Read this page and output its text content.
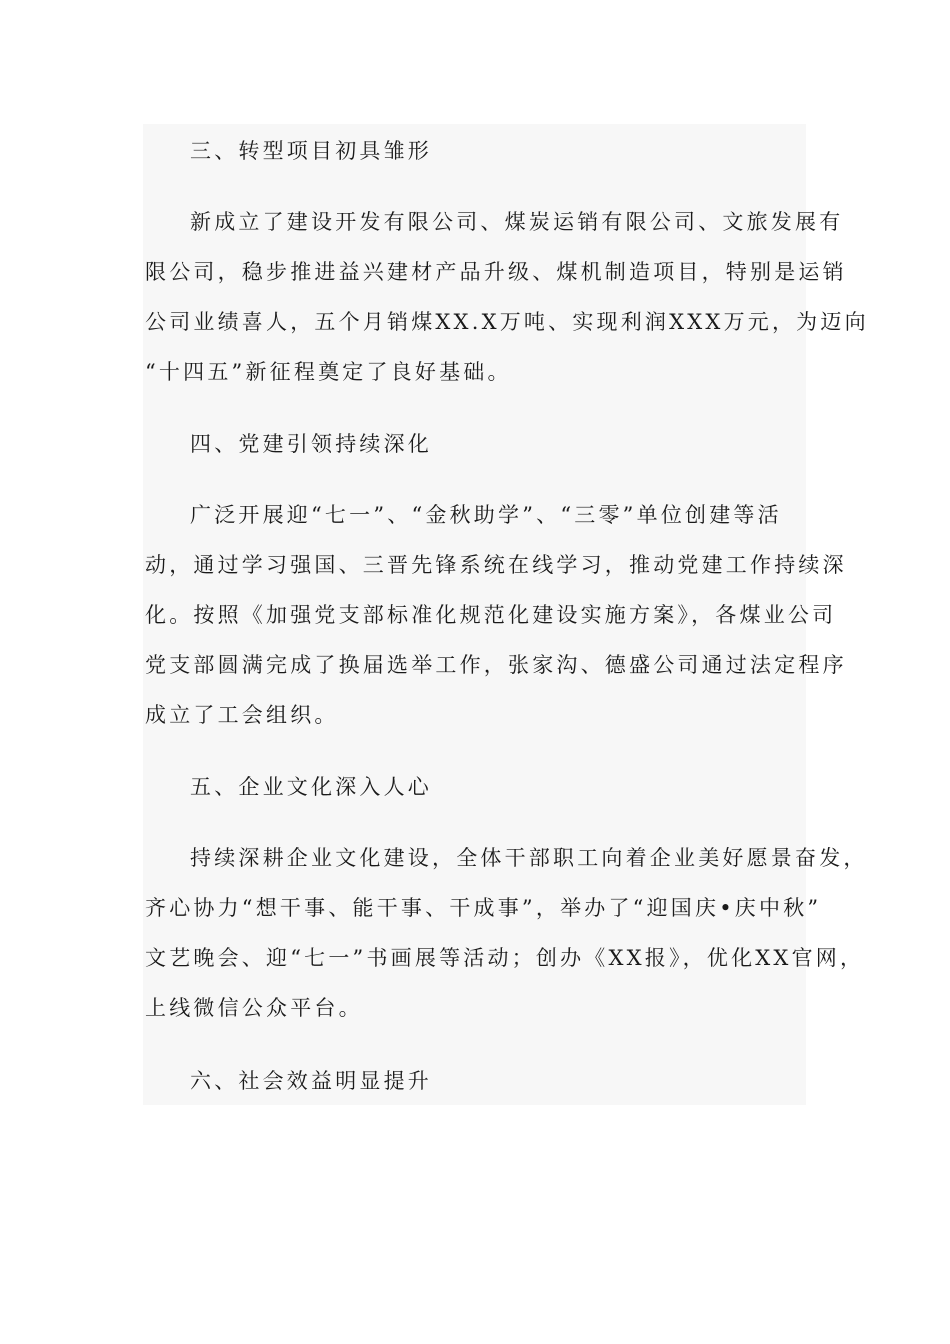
三、转型项目初具雏形
新成立了建设开发有限公司、煤炭运销有限公司、文旅发展有
限公司，稳步推进益兴建材产品升级、煤机制造项目，特别是运销
公司业绩喜人，五个月销煤XX.X万吨、实现利润XXX万元，为迈向
“十四五”新征程奠定了良好基础。
四、党建引领持续深化
广泛开展迎“七一”、“金秋助学”、“三零”单位创建等活
动，通过学习强国、三晋先锋系统在线学习，推动党建工作持续深
化。按照《加强党支部标准化规范化建设实施方案》，各煤业公司
党支部圆满完成了换届选举工作，张家沟、德盛公司通过法定程序
成立了工会组织。
五、企业文化深入人心
持续深耕企业文化建设，全体干部职工向着企业美好愿景奋发，
齐心协力“想干事、能干事、干成事”，举办了“迎国庆•庆中秋”
文艺晚会、迎“七一”书画展等活动；创办《XX报》，优化XX官网，
上线微信公众平台。
六、社会效益明显提升
